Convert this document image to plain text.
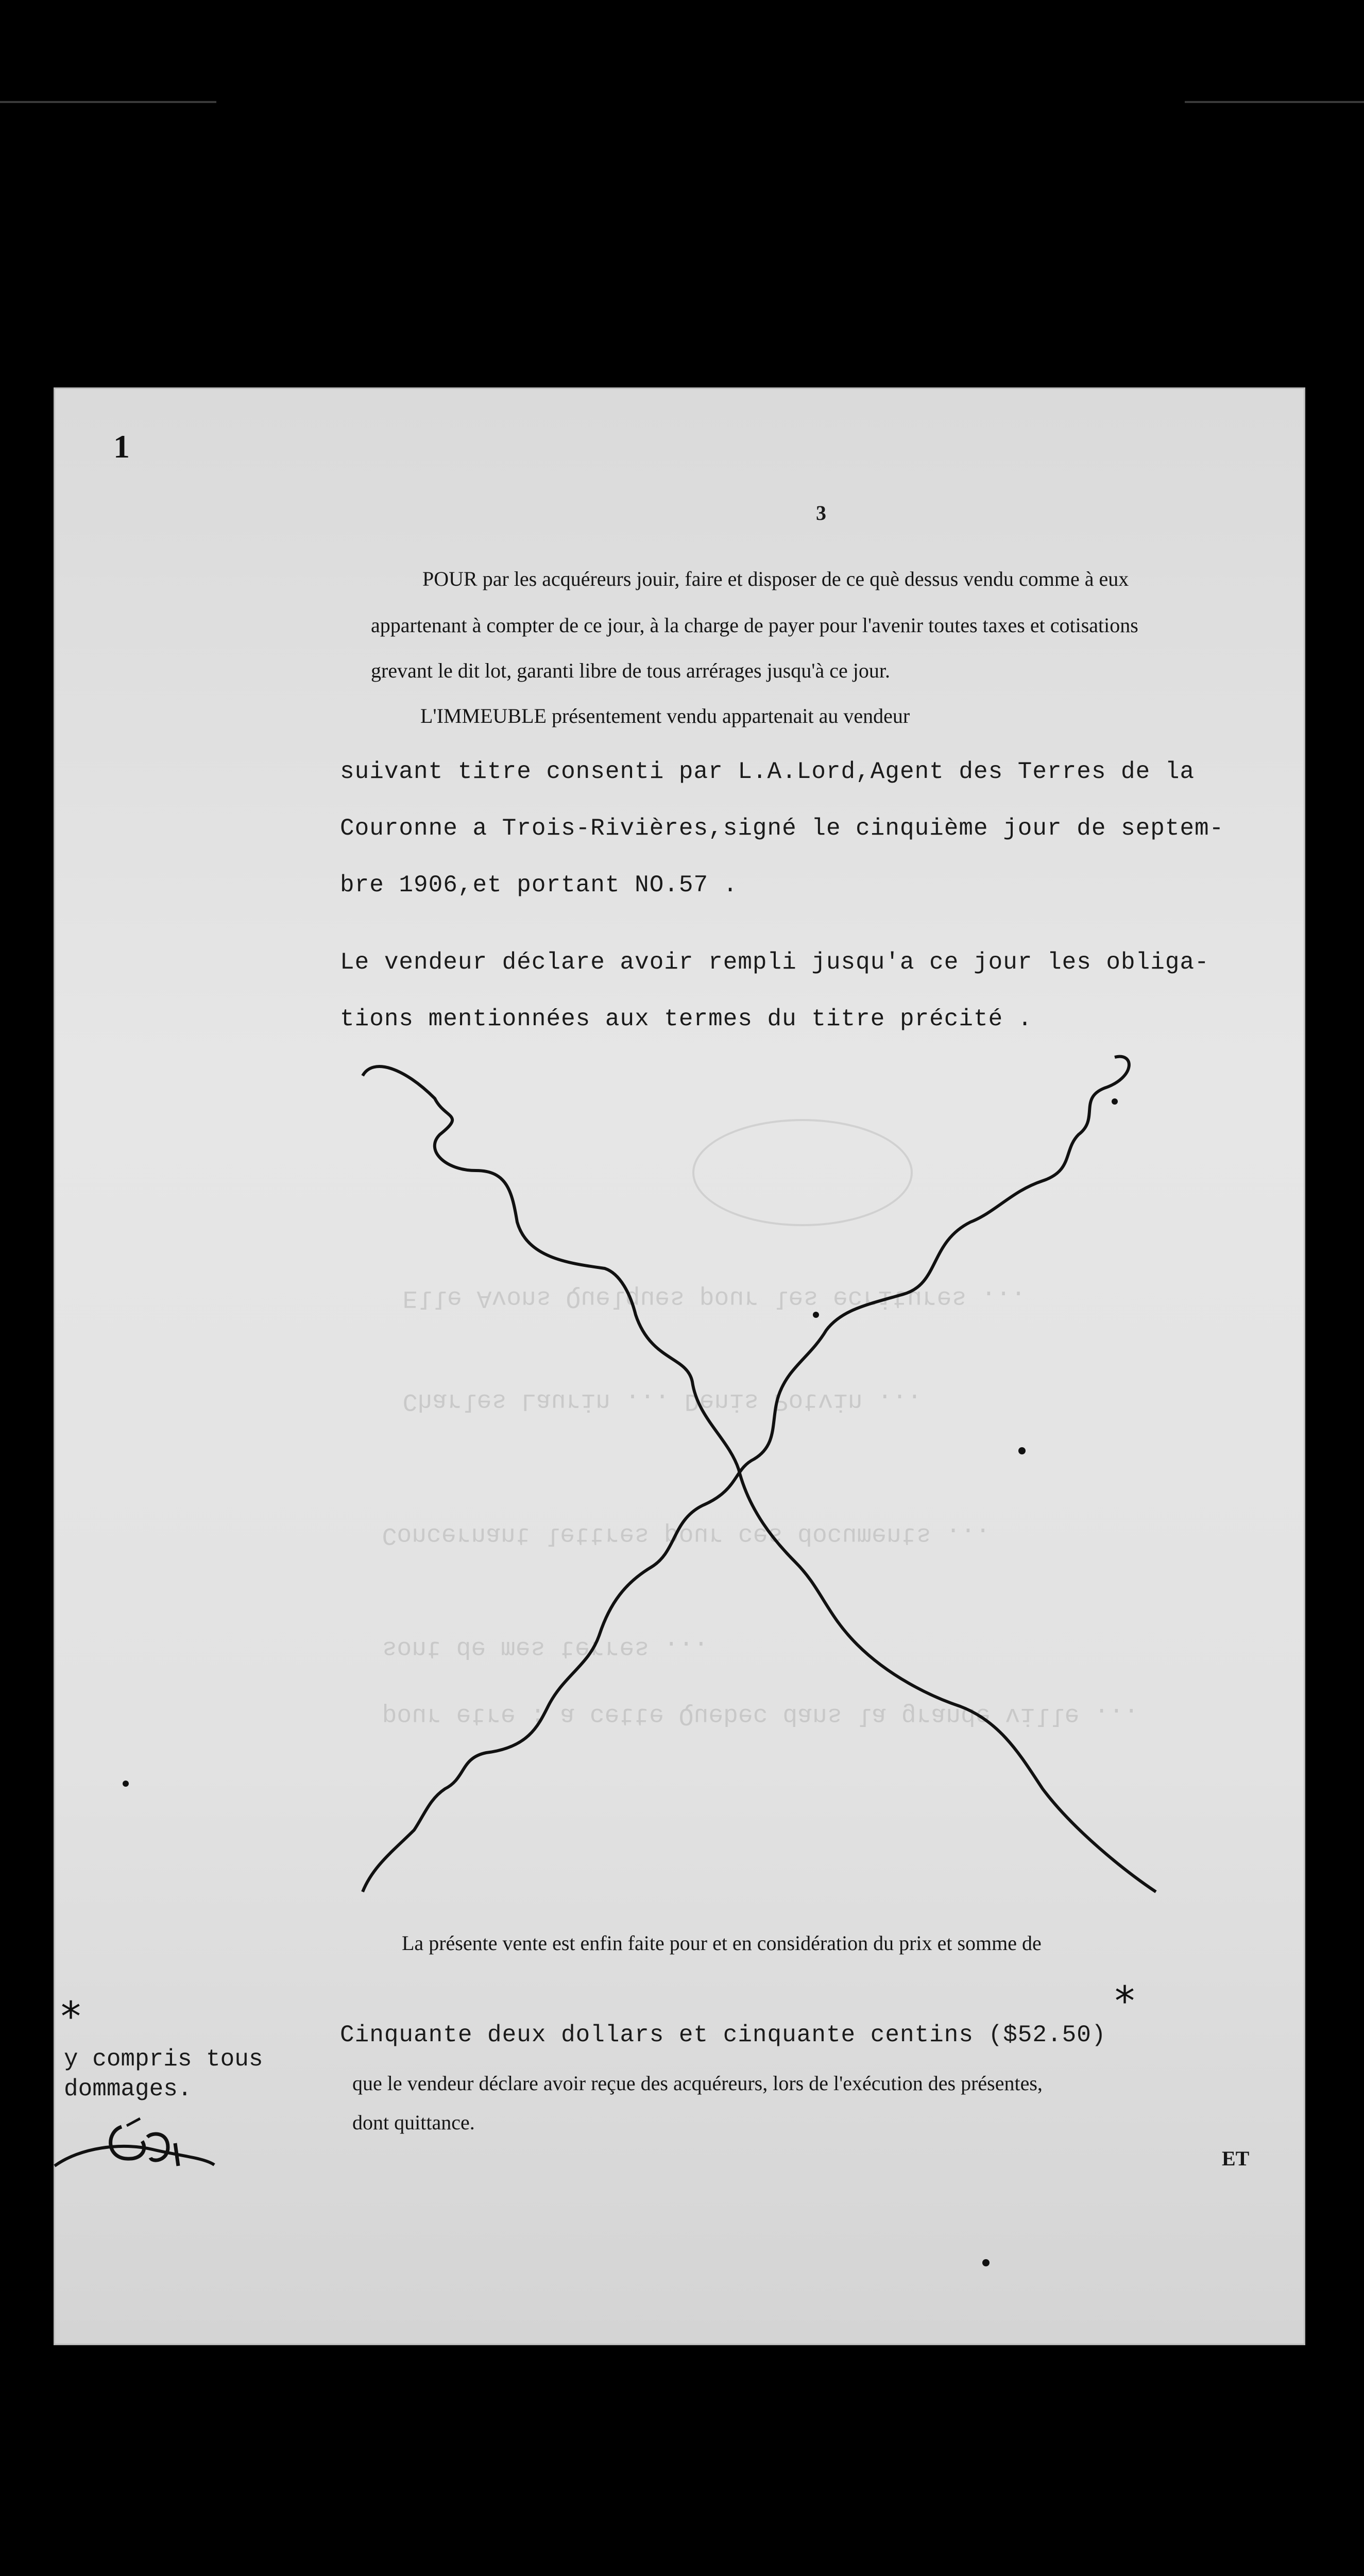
Elle Avons Quelques pour les ecritures ...
Charles Laurin ... Denis Potvin ...
Concernant lettres pour ces documents ...
sont de mes terres ...
pour etre : a cette Quebec dans la grande ville ...
1
3
POUR par les acquéreurs jouir, faire et disposer de ce què dessus vendu comme à eux
appartenant à compter de ce jour, à la charge de payer pour l'avenir toutes taxes et cotisations
grevant le dit lot, garanti libre de tous arrérages jusqu'à ce jour.
L'IMMEUBLE présentement vendu appartenait au vendeur
suivant titre consenti par L.A.Lord,Agent des Terres de la
Couronne a Trois-Rivières,signé le cinquième jour de septem-
bre 1906,et portant NO.57 .
Le vendeur déclare avoir rempli jusqu'a ce jour les obliga-
tions mentionnées aux termes du titre précité .
La présente vente est enfin faite pour et en considération du prix et somme de
*
Cinquante deux dollars et cinquante centins ($52.50)
que le vendeur déclare avoir reçue des acquéreurs, lors de l'exécution des présentes,
dont quittance.
ET
*
y compris tous
dommages.
